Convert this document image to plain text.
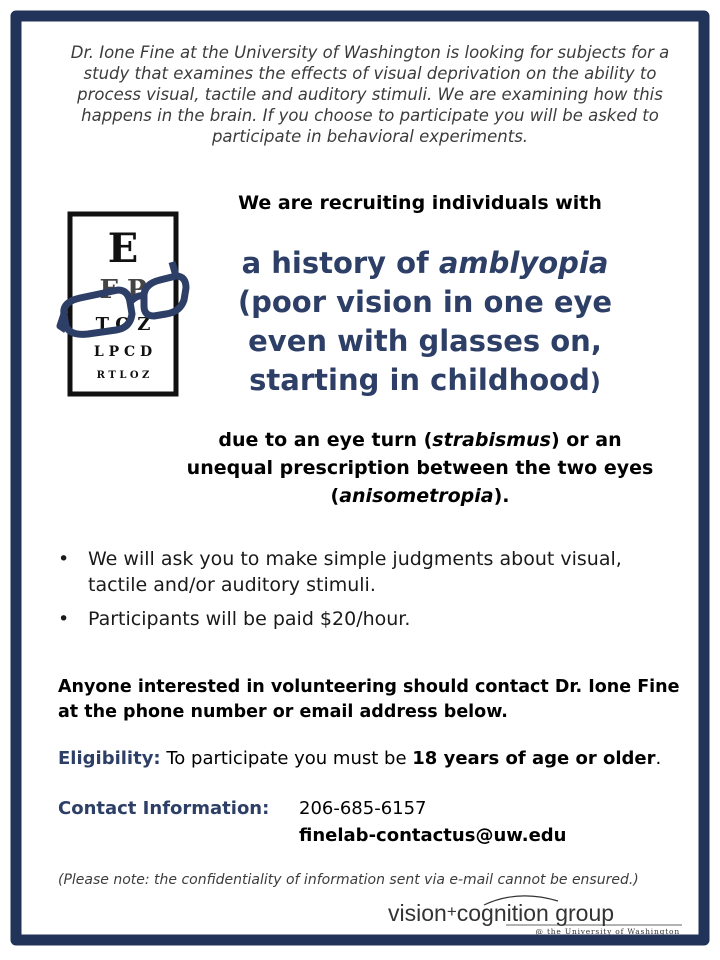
Dr. Ione Fine at the University of Washington is looking for subjects for a study that examines the effects of visual deprivation on the ability to process visual, tactile and auditory stimuli. We are examining how this happens in the brain. If you choose to participate you will be asked to participate in behavioral experiments.
We are recruiting individuals with
E
F P
T O Z
L P C D
R T L O Z
a history of amblyopia
(poor vision in one eye
even with glasses on,
starting in childhood)
due to an eye turn (strabismus) or an unequal prescription between the two eyes (anisometropia).
• We will ask you to make simple judgments about visual, tactile and/or auditory stimuli.
• Participants will be paid $20/hour.
Anyone interested in volunteering should contact Dr. Ione Fine at the phone number or email address below.
Eligibility: To participate you must be 18 years of age or older.
Contact Information: 206-685-6157
finelab-contactus@uw.edu
(Please note: the confidentiality of information sent via e-mail cannot be ensured.)
vision+cognition group
@ the University of Washington
